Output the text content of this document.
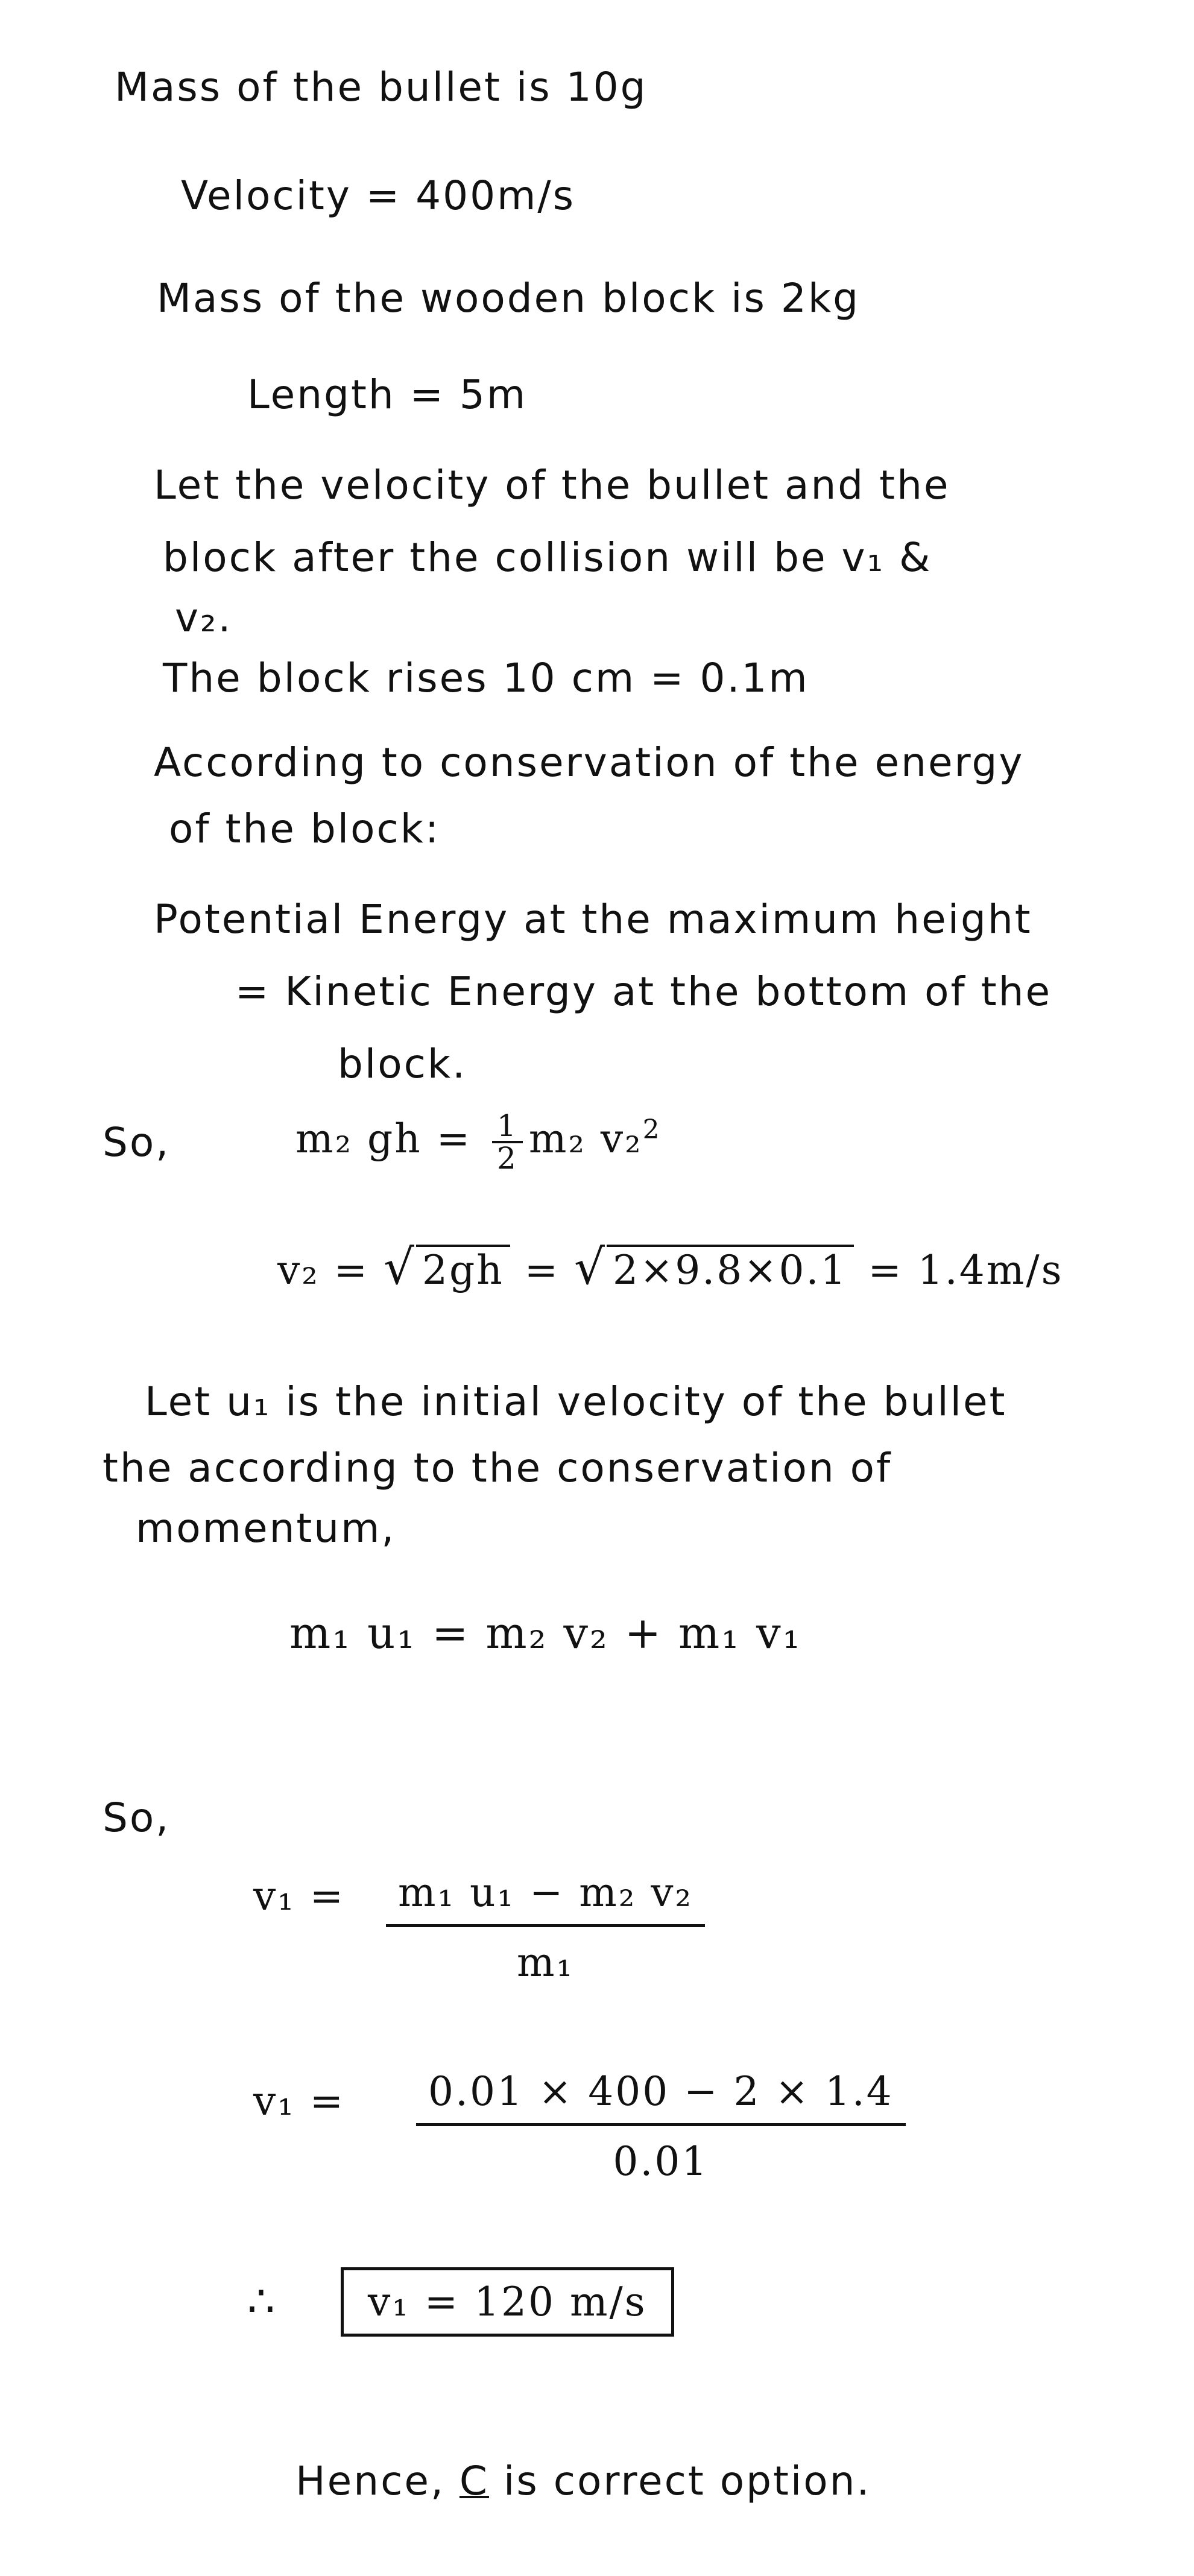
Mass of the bullet is 10g
Velocity = 400m/s
Mass of the wooden block is 2kg
Length = 5m
Let the velocity of the bullet and the
block after the collision will be v₁ &
v₂.
The block rises 10 cm = 0.1m
According to conservation of the energy
of the block:
Potential Energy at the maximum height
= Kinetic Energy at the bottom of the
block.
So,	m₂ gh = $\frac{1}{2} m_2$ v₂$^2$
v₂ = √ 2gh = √ 2×9.8×0.1 = 1.4m/s
Let u₁ is the initial velocity of the bullet
the according to the conservation of
momentum,
m₁ u₁ = m₂ v₂ + m₁ v₁
So,
$v_1 = \frac{\text{m₁ u₁ − m₂ v₂}}{\text{m₁}}$
$v_1 = \frac{0.01 \times 400 - 2 \times 1.4}{0.01}$
∴	v₁ = 120 m/s
Hence, C is correct option.
